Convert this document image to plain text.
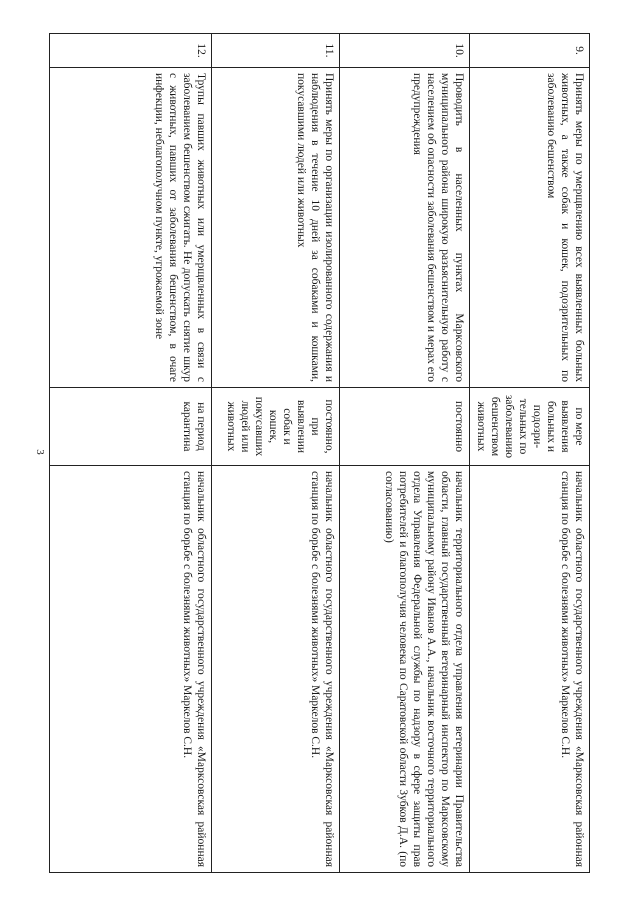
3
9.	Принять меры по умерщвлению всех выявленных больных животных, а также собак и кошек, подозрительных по заболеванию бешенством	по мере выявления больных и подозри-тельных по заболеванию бешенством животных	начальник областного государственного учреждения «Марксовская районная станция по борьбе с болезнями животных» Маркелов С.Н.
10.	Проводить в населенных пунктах Марксовского муниципального района широкую разъяснительную работу с населением об опасности заболевания бешенством и мерах его предупреждения	постоянно	начальник территориального отдела управления ветеринарии Правительства области, главный государственный ветеринарный инспектор по Марксовскому муниципальному району Иванов А.А., начальник восточного территориального отдела Управления Федеральной службы по надзору в сфере защиты прав потребителей и благополучия человека по Саратовской области Зубков Д.А. (по согласованию)
11.	Принять меры по организации изолированного содержания и наблюдения в течение 10 дней за собаками и кошками, покусавшими людей или животных	постоянно, при выявлении собак и кошек, покусавших людей или животных	начальник областного государственного учреждения «Марксовская районная станция по борьбе с болезнями животных» Маркелов С.Н.
12.	Трупы павших животных или умерщвленных в связи с заболеванием бешенством сжигать. Не допускать снятие шкур с животных, павших от заболевания бешенством, в очаге инфекции, неблагополучном пункте, угрожаемой зоне	на период карантина	начальник областного государственного учреждения «Марксовская районная станция по борьбе с болезнями животных» Маркелов С.Н.
